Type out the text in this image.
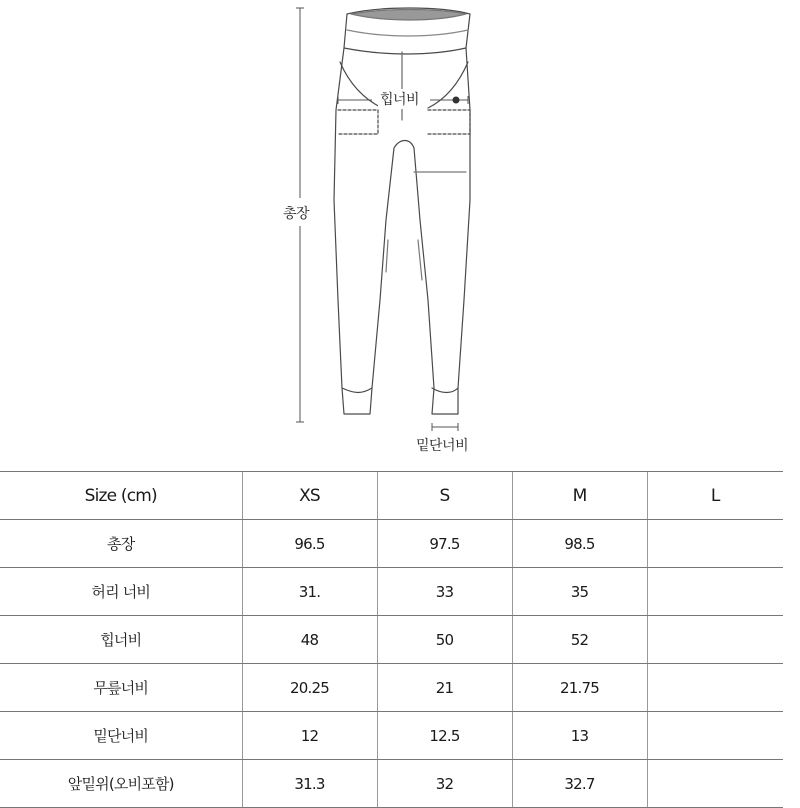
총장
힙너비
밑단너비
Size (cm)	XS	S	M	L
총장	96.5	97.5	98.5	
허리 너비	31.	33	35	
힙너비	48	50	52	
무릎너비	20.25	21	21.75	
밑단너비	12	12.5	13	
앞밑위(오비포함)	31.3	32	32.7	
